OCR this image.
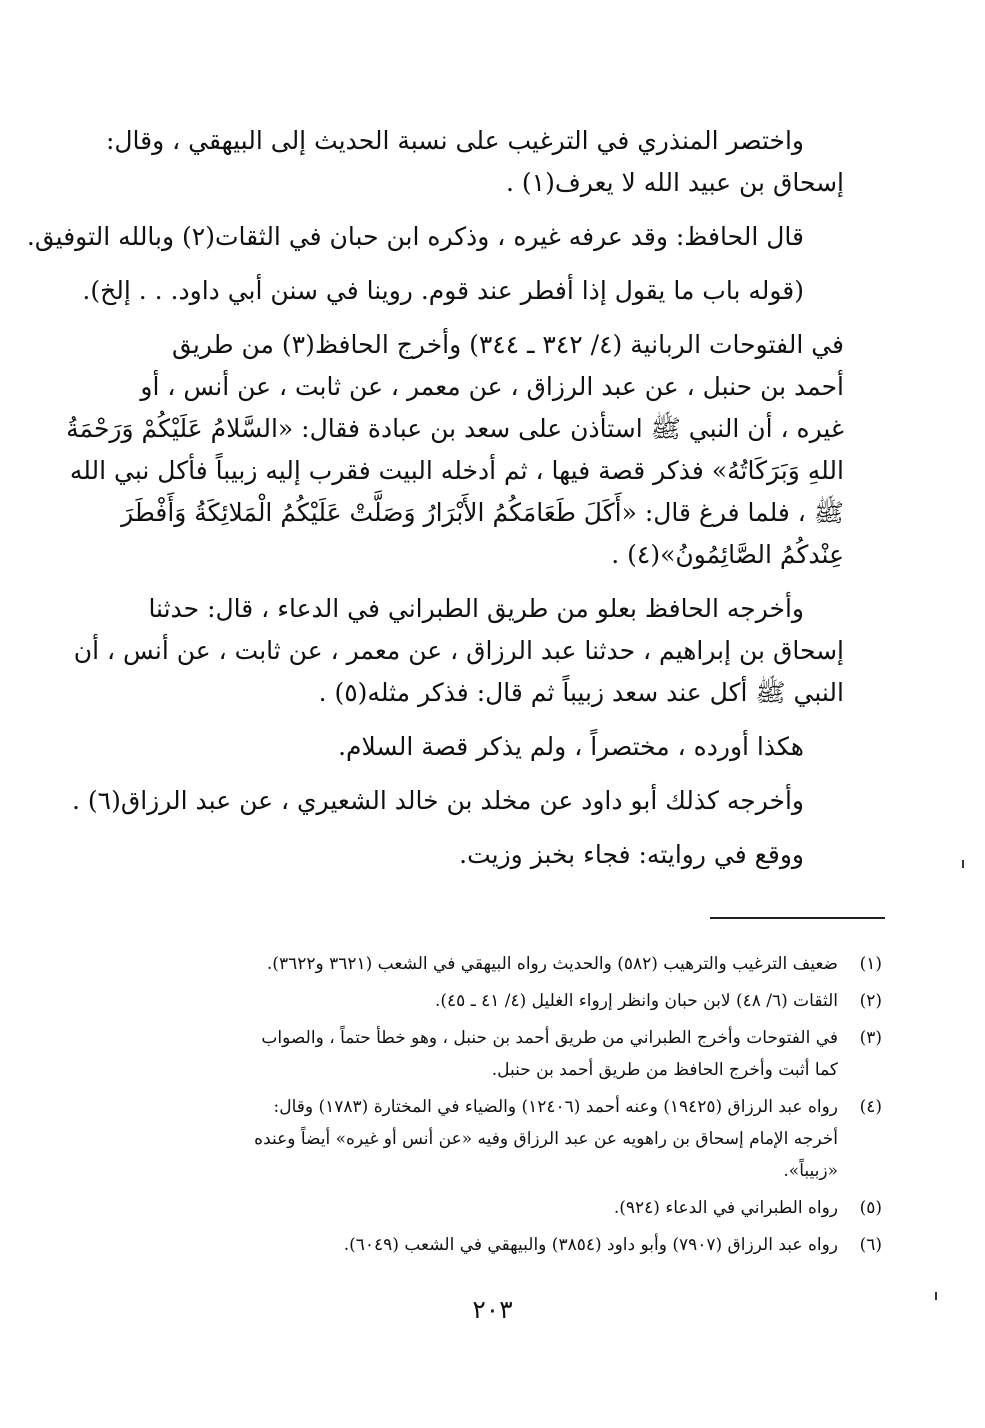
واختصر المنذري في الترغيب على نسبة الحديث إلى البيهقي ، وقال:
إسحاق بن عبيد الله لا يعرف(١) .
قال الحافظ: وقد عرفه غيره ، وذكره ابن حبان في الثقات(٢) وبالله التوفيق.
(قوله باب ما يقول إذا أفطر عند قوم. روينا في سنن أبي داود. . . إلخ).
في الفتوحات الربانية (٤/ ٣٤٢ ـ ٣٤٤) وأخرج الحافظ(٣) من طريق
أحمد بن حنبل ، عن عبد الرزاق ، عن معمر ، عن ثابت ، عن أنس ، أو
غيره ، أن النبي ﷺ استأذن على سعد بن عبادة فقال: «السَّلامُ عَلَيْكُمْ وَرَحْمَةُ
اللهِ وَبَرَكَاتُهُ» فذكر قصة فيها ، ثم أدخله البيت فقرب إليه زبيباً فأكل نبي الله
ﷺ ، فلما فرغ قال: «أَكَلَ طَعَامَكُمُ الأَبْرَارُ وَصَلَّتْ عَلَيْكُمُ الْمَلائِكَةُ وَأَفْطَرَ
عِنْدكُمُ الصَّائِمُونُ»(٤) .
وأخرجه الحافظ بعلو من طريق الطبراني في الدعاء ، قال: حدثنا
إسحاق بن إبراهيم ، حدثنا عبد الرزاق ، عن معمر ، عن ثابت ، عن أنس ، أن
النبي ﷺ أكل عند سعد زبيباً ثم قال: فذكر مثله(٥) .
هكذا أورده ، مختصراً ، ولم يذكر قصة السلام.
وأخرجه كذلك أبو داود عن مخلد بن خالد الشعيري ، عن عبد الرزاق(٦) .
ووقع في روايته: فجاء بخبز وزيت.
(١)
ضعيف الترغيب والترهيب (٥٨٢) والحديث رواه البيهقي في الشعب (٣٦٢١ و٣٦٢٢).
(٢)
الثقات (٦/ ٤٨) لابن حبان وانظر إرواء الغليل (٤/ ٤١ ـ ٤٥).
(٣)
في الفتوحات وأخرج الطبراني من طريق أحمد بن حنبل ، وهو خطأ حتماً ، والصواب
كما أثبت وأخرج الحافظ من طريق أحمد بن حنبل.
(٤)
رواه عبد الرزاق (١٩٤٢٥) وعنه أحمد (١٢٤٠٦) والضياء في المختارة (١٧٨٣) وقال:
أخرجه الإمام إسحاق بن راهويه عن عبد الرزاق وفيه «عن أنس أو غيره» أيضاً وعنده
«زبيباً».
(٥)
رواه الطبراني في الدعاء (٩٢٤).
(٦)
رواه عبد الرزاق (٧٩٠٧) وأبو داود (٣٨٥٤) والبيهقي في الشعب (٦٠٤٩).
٢٠٣
